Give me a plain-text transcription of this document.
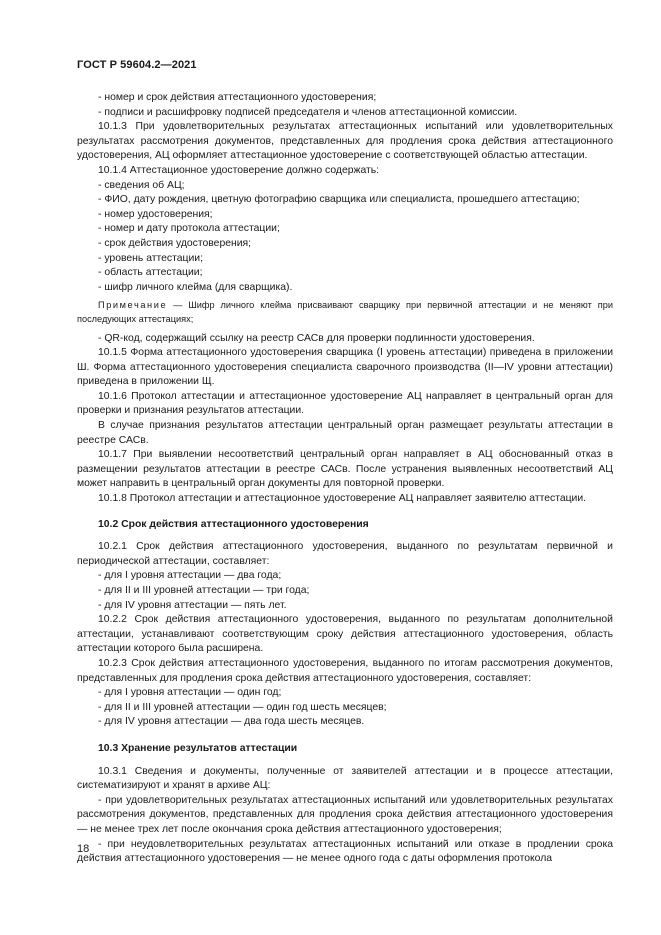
ГОСТ Р 59604.2—2021

- номер и срок действия аттестационного удостоверения;

- подписи и расшифровку подписей председателя и членов аттестационной комиссии.

10.1.3 При удовлетворительных результатах аттестационных испытаний или удовлетворительных результатах рассмотрения документов, представленных для продления срока действия аттестационного удостоверения, АЦ оформляет аттестационное удостоверение с соответствующей областью аттестации.

10.1.4 Аттестационное удостоверение должно содержать:

- сведения об АЦ;

- ФИО, дату рождения, цветную фотографию сварщика или специалиста, прошедшего аттестацию;

- номер удостоверения;

- номер и дату протокола аттестации;

- срок действия удостоверения;

- уровень аттестации;

- область аттестации;

- шифр личного клейма (для сварщика).

Примечание — Шифр личного клейма присваивают сварщику при первичной аттестации и не меняют при последующих аттестациях;

- QR-код, содержащий ссылку на реестр САСв для проверки подлинности удостоверения.

10.1.5 Форма аттестационного удостоверения сварщика (I уровень аттестации) приведена в приложении Ш. Форма аттестационного удостоверения специалиста сварочного производства (II—IV уровни аттестации) приведена в приложении Щ.

10.1.6 Протокол аттестации и аттестационное удостоверение АЦ направляет в центральный орган для проверки и признания результатов аттестации.

В случае признания результатов аттестации центральный орган размещает результаты аттестации в реестре САСв.

10.1.7 При выявлении несоответствий центральный орган направляет в АЦ обоснованный отказ в размещении результатов аттестации в реестре САСв. После устранения выявленных несоответствий АЦ может направить в центральный орган документы для повторной проверки.

10.1.8 Протокол аттестации и аттестационное удостоверение АЦ направляет заявителю аттестации.

10.2 Срок действия аттестационного удостоверения

10.2.1 Срок действия аттестационного удостоверения, выданного по результатам первичной и периодической аттестации, составляет:

- для I уровня аттестации — два года;

- для II и III уровней аттестации — три года;

- для IV уровня аттестации — пять лет.

10.2.2 Срок действия аттестационного удостоверения, выданного по результатам дополнительной аттестации, устанавливают соответствующим сроку действия аттестационного удостоверения, область аттестации которого была расширена.

10.2.3 Срок действия аттестационного удостоверения, выданного по итогам рассмотрения документов, представленных для продления срока действия аттестационного удостоверения, составляет:

- для I уровня аттестации — один год;

- для II и III уровней аттестации — один год шесть месяцев;

- для IV уровня аттестации — два года шесть месяцев.

10.3 Хранение результатов аттестации

10.3.1 Сведения и документы, полученные от заявителей аттестации и в процессе аттестации, систематизируют и хранят в архиве АЦ:

- при удовлетворительных результатах аттестационных испытаний или удовлетворительных результатах рассмотрения документов, представленных для продления срока действия аттестационного удостоверения — не менее трех лет после окончания срока действия аттестационного удостоверения;

- при неудовлетворительных результатах аттестационных испытаний или отказе в продлении срока действия аттестационного удостоверения — не менее одного года с даты оформления протокола

18
